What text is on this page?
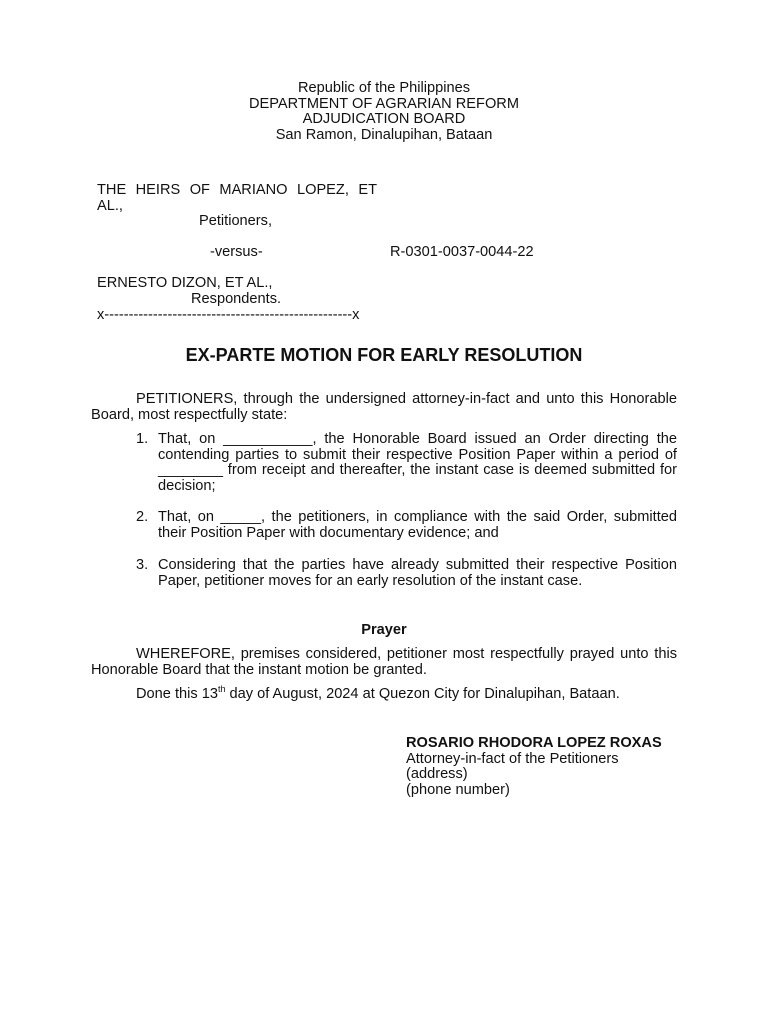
Republic of the Philippines
DEPARTMENT OF AGRARIAN REFORM
ADJUDICATION BOARD
San Ramon, Dinalupihan, Bataan
THE HEIRS OF MARIANO LOPEZ, ET AL.,
Petitioners,
-versus-	R-0301-0037-0044-22
ERNESTO DIZON, ET AL.,
Respondents.
x---------------------------------------------------x
EX-PARTE MOTION FOR EARLY RESOLUTION
PETITIONERS, through the undersigned attorney-in-fact and unto this Honorable Board, most respectfully state:
1. That, on ___________, the Honorable Board issued an Order directing the contending parties to submit their respective Position Paper within a period of ________ from receipt and thereafter, the instant case is deemed submitted for decision;
2. That, on _____, the petitioners, in compliance with the said Order, submitted their Position Paper with documentary evidence; and
3. Considering that the parties have already submitted their respective Position Paper, petitioner moves for an early resolution of the instant case.
Prayer
WHEREFORE, premises considered, petitioner most respectfully prayed unto this Honorable Board that the instant motion be granted.
Done this 13th day of August, 2024 at Quezon City for Dinalupihan, Bataan.
ROSARIO RHODORA LOPEZ ROXAS
Attorney-in-fact of the Petitioners
(address)
(phone number)
